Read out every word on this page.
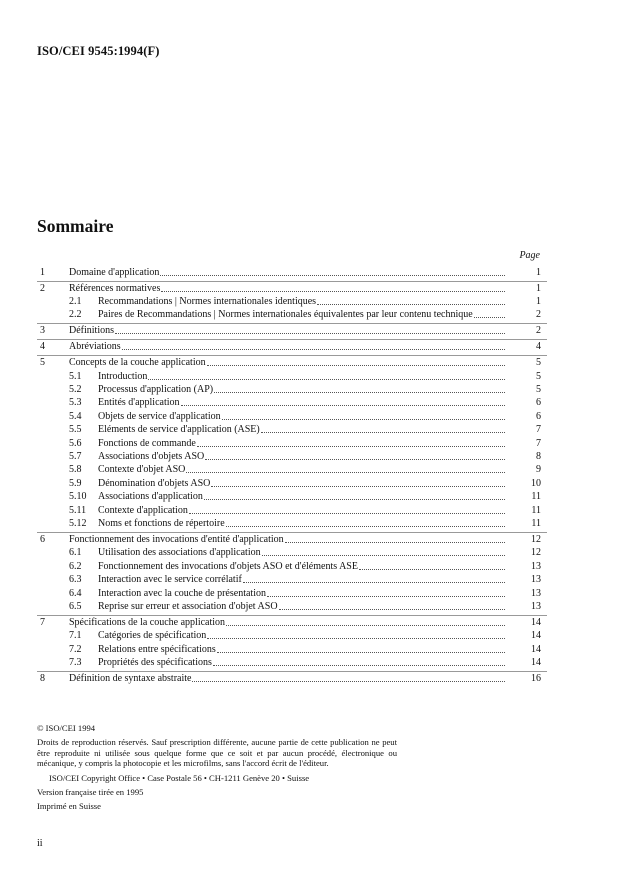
ISO/CEI 9545:1994(F)
Sommaire
Page
1 Domaine d'application	1
2 Références normatives	1
2.1 Recommandations | Normes internationales identiques	1
2.2 Paires de Recommandations | Normes internationales équivalentes par leur contenu technique	2
3 Définitions	2
4 Abréviations	4
5 Concepts de la couche application	5
5.1 Introduction	5
5.2 Processus d'application (AP)	5
5.3 Entités d'application	6
5.4 Objets de service d'application	6
5.5 Eléments de service d'application (ASE)	7
5.6 Fonctions de commande	7
5.7 Associations d'objets ASO	8
5.8 Contexte d'objet ASO	9
5.9 Dénomination d'objets ASO	10
5.10 Associations d'application	11
5.11 Contexte d'application	11
5.12 Noms et fonctions de répertoire	11
6 Fonctionnement des invocations d'entité d'application	12
6.1 Utilisation des associations d'application	12
6.2 Fonctionnement des invocations d'objets ASO et d'éléments ASE	13
6.3 Interaction avec le service corrélatif	13
6.4 Interaction avec la couche de présentation	13
6.5 Reprise sur erreur et association d'objet ASO	13
7 Spécifications de la couche application	14
7.1 Catégories de spécification	14
7.2 Relations entre spécifications	14
7.3 Propriétés des spécifications	14
8 Définition de syntaxe abstraite	16

© ISO/CEI 1994

Droits de reproduction réservés. Sauf prescription différente, aucune partie de cette publication ne peut être reproduite ni utilisée sous quelque forme que ce soit et par aucun procédé, électronique ou mécanique, y compris la photocopie et les microfilms, sans l'accord écrit de l'éditeur.

ISO/CEI Copyright Office • Case Postale 56 • CH-1211 Genève 20 • Suisse

Version française tirée en 1995

Imprimé en Suisse

ii
